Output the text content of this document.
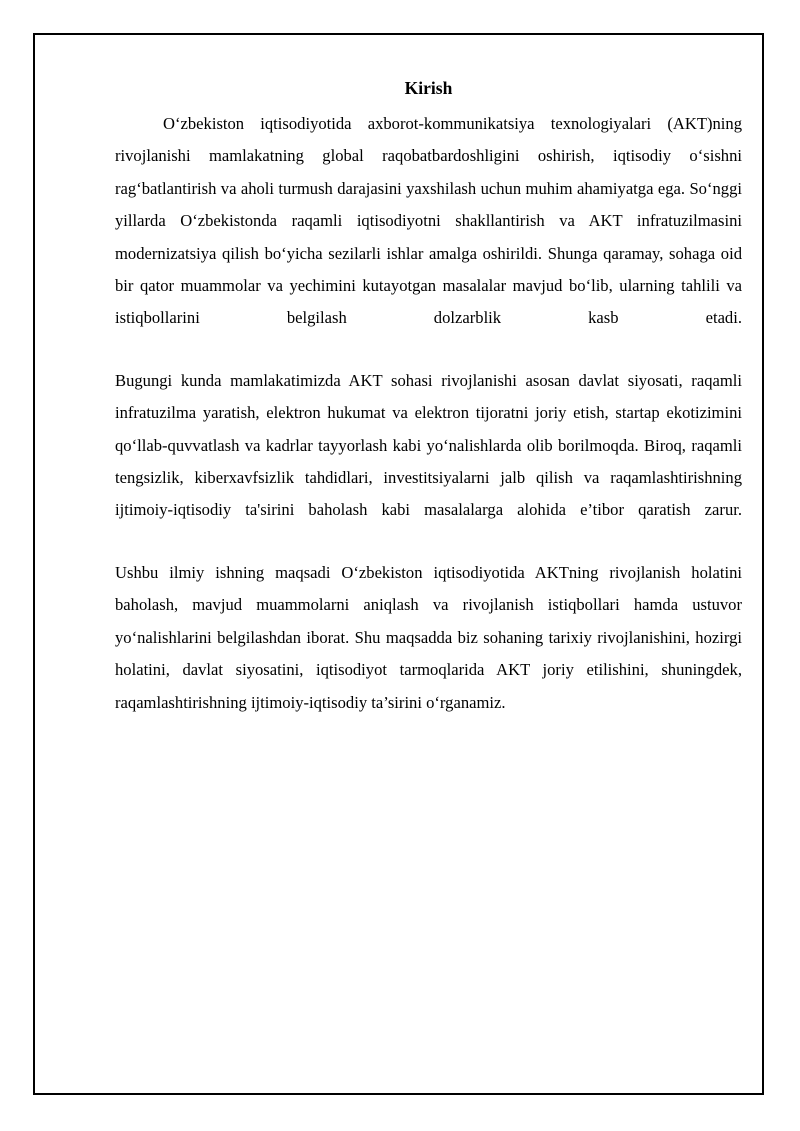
Kirish

O‘zbekiston iqtisodiyotida axborot-kommunikatsiya texnologiyalari (AKT)ning rivojlanishi mamlakatning global raqobatbardoshligini oshirish, iqtisodiy o‘sishni rag‘batlantirish va aholi turmush darajasini yaxshilash uchun muhim ahamiyatga ega. So‘nggi yillarda O‘zbekistonda raqamli iqtisodiyotni shakllantirish va AKT infratuzilmasini modernizatsiya qilish bo‘yicha sezilarli ishlar amalga oshirildi. Shunga qaramay, sohaga oid bir qator muammolar va yechimini kutayotgan masalalar mavjud bo‘lib, ularning tahlili va istiqbollarini belgilash dolzarblik kasb etadi.

Bugungi kunda mamlakatimizda AKT sohasi rivojlanishi asosan davlat siyosati, raqamli infratuzilma yaratish, elektron hukumat va elektron tijoratni joriy etish, startap ekotizimini qo‘llab-quvvatlash va kadrlar tayyorlash kabi yo‘nalishlarda olib borilmoqda. Biroq, raqamli tengsizlik, kiberxavfsizlik tahdidlari, investitsiyalarni jalb qilish va raqamlashtirishning ijtimoiy-iqtisodiy ta'sirini baholash kabi masalalarga alohida e’tibor qaratish zarur.

Ushbu ilmiy ishning maqsadi O‘zbekiston iqtisodiyotida AKTning rivojlanish holatini baholash, mavjud muammolarni aniqlash va rivojlanish istiqbollari hamda ustuvor yo‘nalishlarini belgilashdan iborat. Shu maqsadda biz sohaning tarixiy rivojlanishini, hozirgi holatini, davlat siyosatini, iqtisodiyot tarmoqlarida AKT joriy etilishini, shuningdek, raqamlashtirishning ijtimoiy-iqtisodiy ta’sirini o‘rganamiz.
